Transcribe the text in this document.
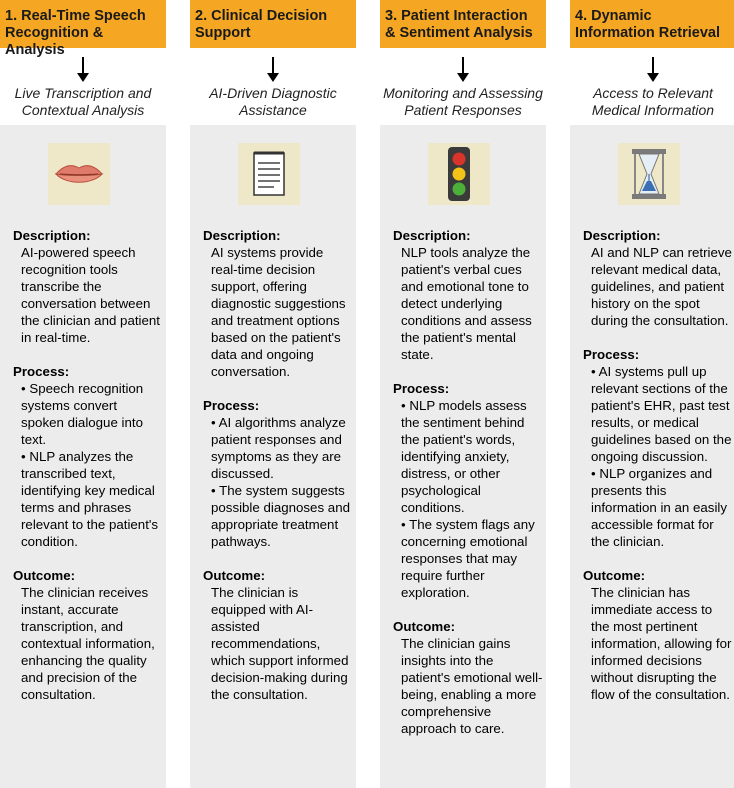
1. Real-Time Speech Recognition & Analysis
Live Transcription and Contextual Analysis
Description:
AI-powered speech recognition tools transcribe the conversation between the clinician and patient in real-time.
Process:
• Speech recognition systems convert spoken dialogue into text.
• NLP analyzes the transcribed text, identifying key medical terms and phrases relevant to the patient's condition.
Outcome:
The clinician receives instant, accurate transcription, and contextual information, enhancing the quality and precision of the consultation.
2. Clinical Decision Support
AI-Driven Diagnostic Assistance
Description:
AI systems provide real-time decision support, offering diagnostic suggestions and treatment options based on the patient's data and ongoing conversation.
Process:
• AI algorithms analyze patient responses and symptoms as they are discussed.
• The system suggests possible diagnoses and appropriate treatment pathways.
Outcome:
The clinician is equipped with AI-assisted recommendations, which support informed decision-making during the consultation.
3. Patient Interaction & Sentiment Analysis
Monitoring and Assessing Patient Responses
Description:
NLP tools analyze the patient's verbal cues and emotional tone to detect underlying conditions and assess the patient's mental state.
Process:
• NLP models assess the sentiment behind the patient's words, identifying anxiety, distress, or other psychological conditions.
• The system flags any concerning emotional responses that may require further exploration.
Outcome:
The clinician gains insights into the patient's emotional well-being, enabling a more comprehensive approach to care.
4. Dynamic Information Retrieval
Access to Relevant Medical Information
Description:
AI and NLP can retrieve relevant medical data, guidelines, and patient history on the spot during the consultation.
Process:
• AI systems pull up relevant sections of the patient's EHR, past test results, or medical guidelines based on the ongoing discussion.
• NLP organizes and presents this information in an easily accessible format for the clinician.
Outcome:
The clinician has immediate access to the most pertinent information, allowing for informed decisions without disrupting the flow of the consultation.
